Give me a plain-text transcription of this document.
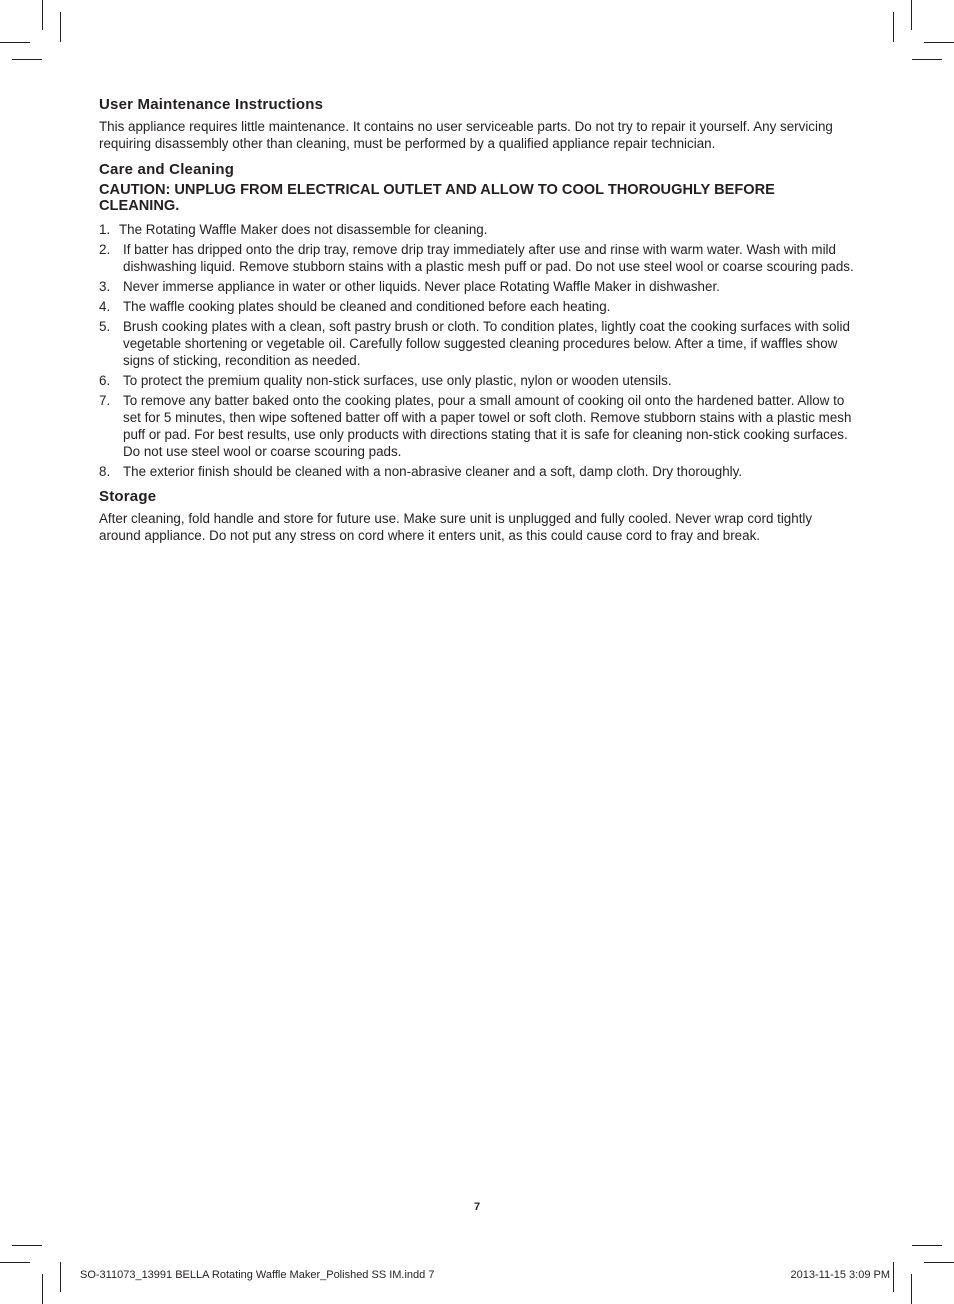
User Maintenance Instructions

This appliance requires little maintenance. It contains no user serviceable parts. Do not try to repair it yourself. Any servicing requiring disassembly other than cleaning, must be performed by a qualified appliance repair technician.

Care and Cleaning

CAUTION: UNPLUG FROM ELECTRICAL OUTLET AND ALLOW TO COOL THOROUGHLY BEFORE CLEANING.

1. The Rotating Waffle Maker does not disassemble for cleaning.
2. If batter has dripped onto the drip tray, remove drip tray immediately after use and rinse with warm water. Wash with mild dishwashing liquid. Remove stubborn stains with a plastic mesh puff or pad. Do not use steel wool or coarse scouring pads.
3. Never immerse appliance in water or other liquids. Never place Rotating Waffle Maker in dishwasher.
4. The waffle cooking plates should be cleaned and conditioned before each heating.
5. Brush cooking plates with a clean, soft pastry brush or cloth. To condition plates, lightly coat the cooking surfaces with solid vegetable shortening or vegetable oil. Carefully follow suggested cleaning procedures below. After a time, if waffles show signs of sticking, recondition as needed.
6. To protect the premium quality non-stick surfaces, use only plastic, nylon or wooden utensils.
7. To remove any batter baked onto the cooking plates, pour a small amount of cooking oil onto the hardened batter. Allow to set for 5 minutes, then wipe softened batter off with a paper towel or soft cloth. Remove stubborn stains with a plastic mesh puff or pad. For best results, use only products with directions stating that it is safe for cleaning non-stick cooking surfaces. Do not use steel wool or coarse scouring pads.
8. The exterior finish should be cleaned with a non-abrasive cleaner and a soft, damp cloth. Dry thoroughly.
Storage

After cleaning, fold handle and store for future use. Make sure unit is unplugged and fully cooled. Never wrap cord tightly around appliance. Do not put any stress on cord where it enters unit, as this could cause cord to fray and break.

7
SO-311073_13991 BELLA Rotating Waffle Maker_Polished SS IM.indd 7	2013-11-15 3:09 PM
